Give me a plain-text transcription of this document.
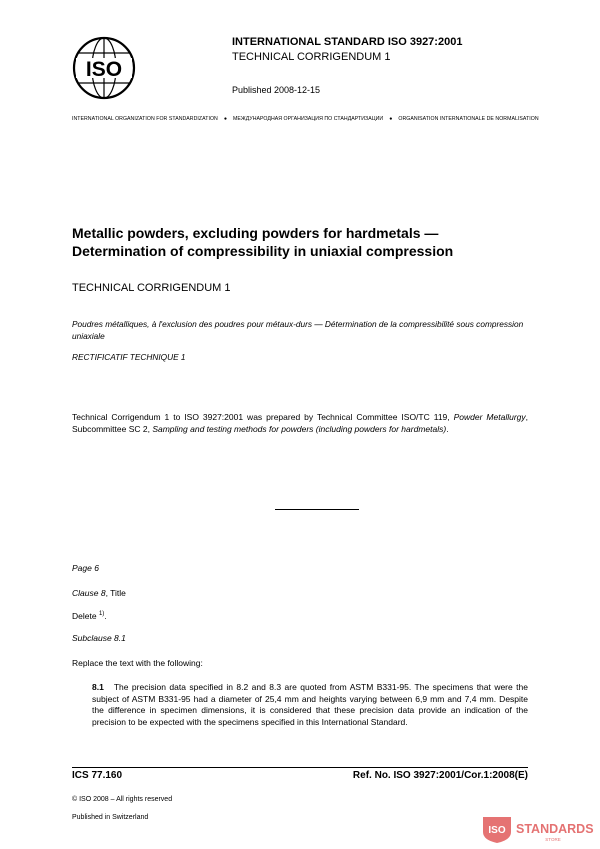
ISO
INTERNATIONAL STANDARD ISO 3927:2001
TECHNICAL CORRIGENDUM 1
Published 2008-12-15
INTERNATIONAL ORGANIZATION FOR STANDARDIZATION ● МЕЖДУНАРОДНАЯ ОРГАНИЗАЦИЯ ПО СТАНДАРТИЗАЦИИ ● ORGANISATION INTERNATIONALE DE NORMALISATION
Metallic powders, excluding powders for hardmetals —
Determination of compressibility in uniaxial compression
TECHNICAL CORRIGENDUM 1
Poudres métalliques, à l'exclusion des poudres pour métaux-durs — Détermination de la compressibilité sous compression uniaxiale
RECTIFICATIF TECHNIQUE 1
Technical Corrigendum 1 to ISO 3927:2001 was prepared by Technical Committee ISO/TC 119, Powder Metallurgy, Subcommittee SC 2, Sampling and testing methods for powders (including powders for hardmetals).
Page 6
Clause 8, Title
Delete $^{1)}$.
Subclause 8.1
Replace the text with the following:
8.1 The precision data specified in 8.2 and 8.3 are quoted from ASTM B331-95. The specimens that were the subject of ASTM B331-95 had a diameter of 25,4 mm and heights varying between 6,9 mm and 7,4 mm. Despite the difference in specimen dimensions, it is considered that these precision data provide an indication of the precision to be expected with the specimens specified in this International Standard.
ICS 77.160	Ref. No. ISO 3927:2001/Cor.1:2008(E)
© ISO 2008 – All rights reserved
Published in Switzerland
ISO STANDARDS
STORE
